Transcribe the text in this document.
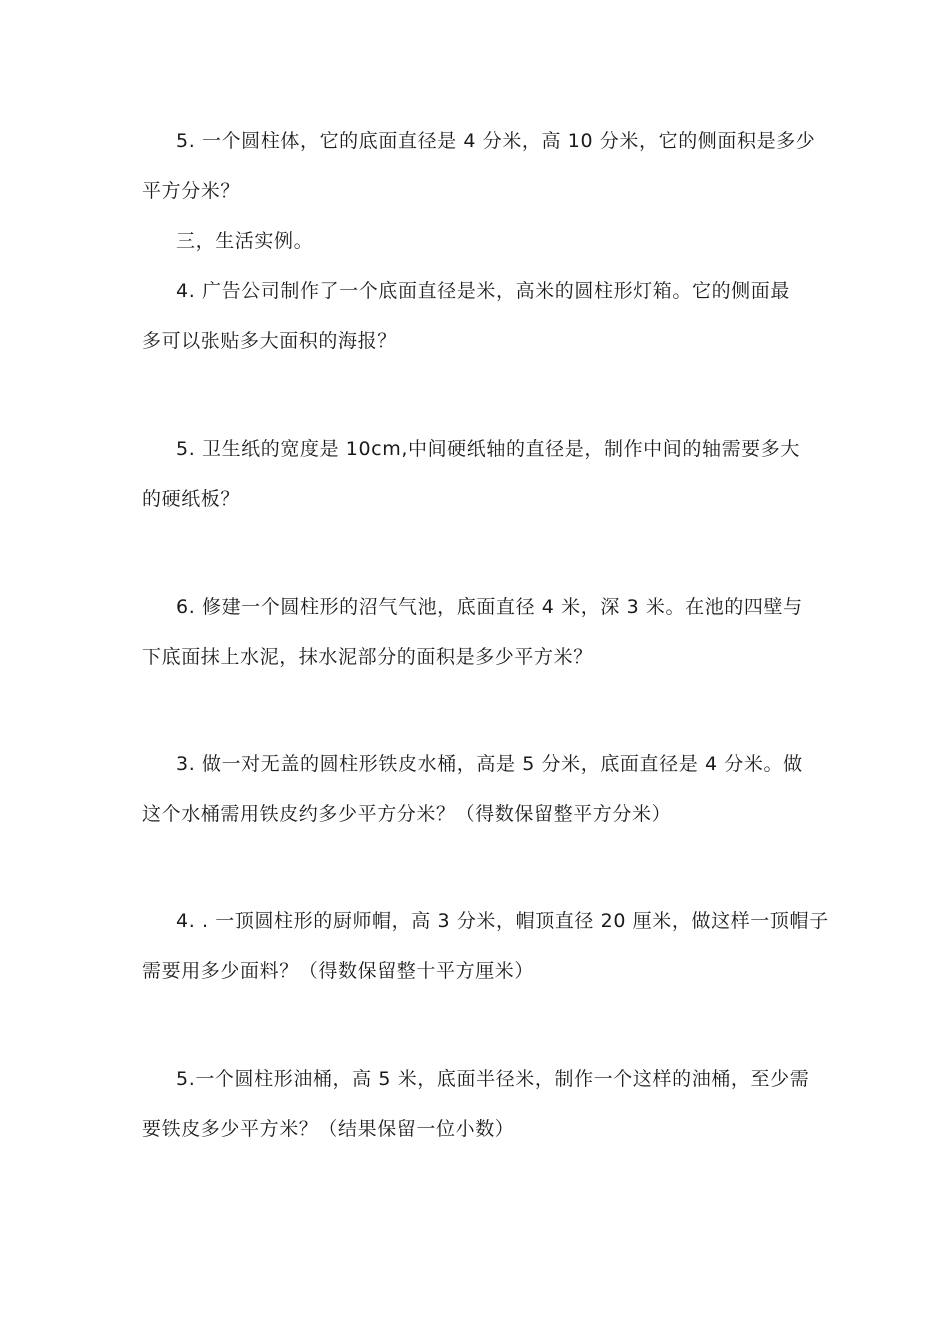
5. 一个圆柱体，它的底面直径是 4 分米，高 10 分米，它的侧面积是多少
平方分米？
三，生活实例。
4. 广告公司制作了一个底面直径是米，高米的圆柱形灯箱。它的侧面最
多可以张贴多大面积的海报？
5. 卫生纸的宽度是 10cm,中间硬纸轴的直径是，制作中间的轴需要多大
的硬纸板？
6. 修建一个圆柱形的沼气气池，底面直径 4 米，深 3 米。在池的四壁与
下底面抹上水泥，抹水泥部分的面积是多少平方米？
3. 做一对无盖的圆柱形铁皮水桶，高是 5 分米，底面直径是 4 分米。做
这个水桶需用铁皮约多少平方分米？（得数保留整平方分米）
4. . 一顶圆柱形的厨师帽，高 3 分米，帽顶直径 20 厘米，做这样一顶帽子
需要用多少面料？（得数保留整十平方厘米）
5.一个圆柱形油桶，高 5 米，底面半径米，制作一个这样的油桶，至少需
要铁皮多少平方米？（结果保留一位小数）
